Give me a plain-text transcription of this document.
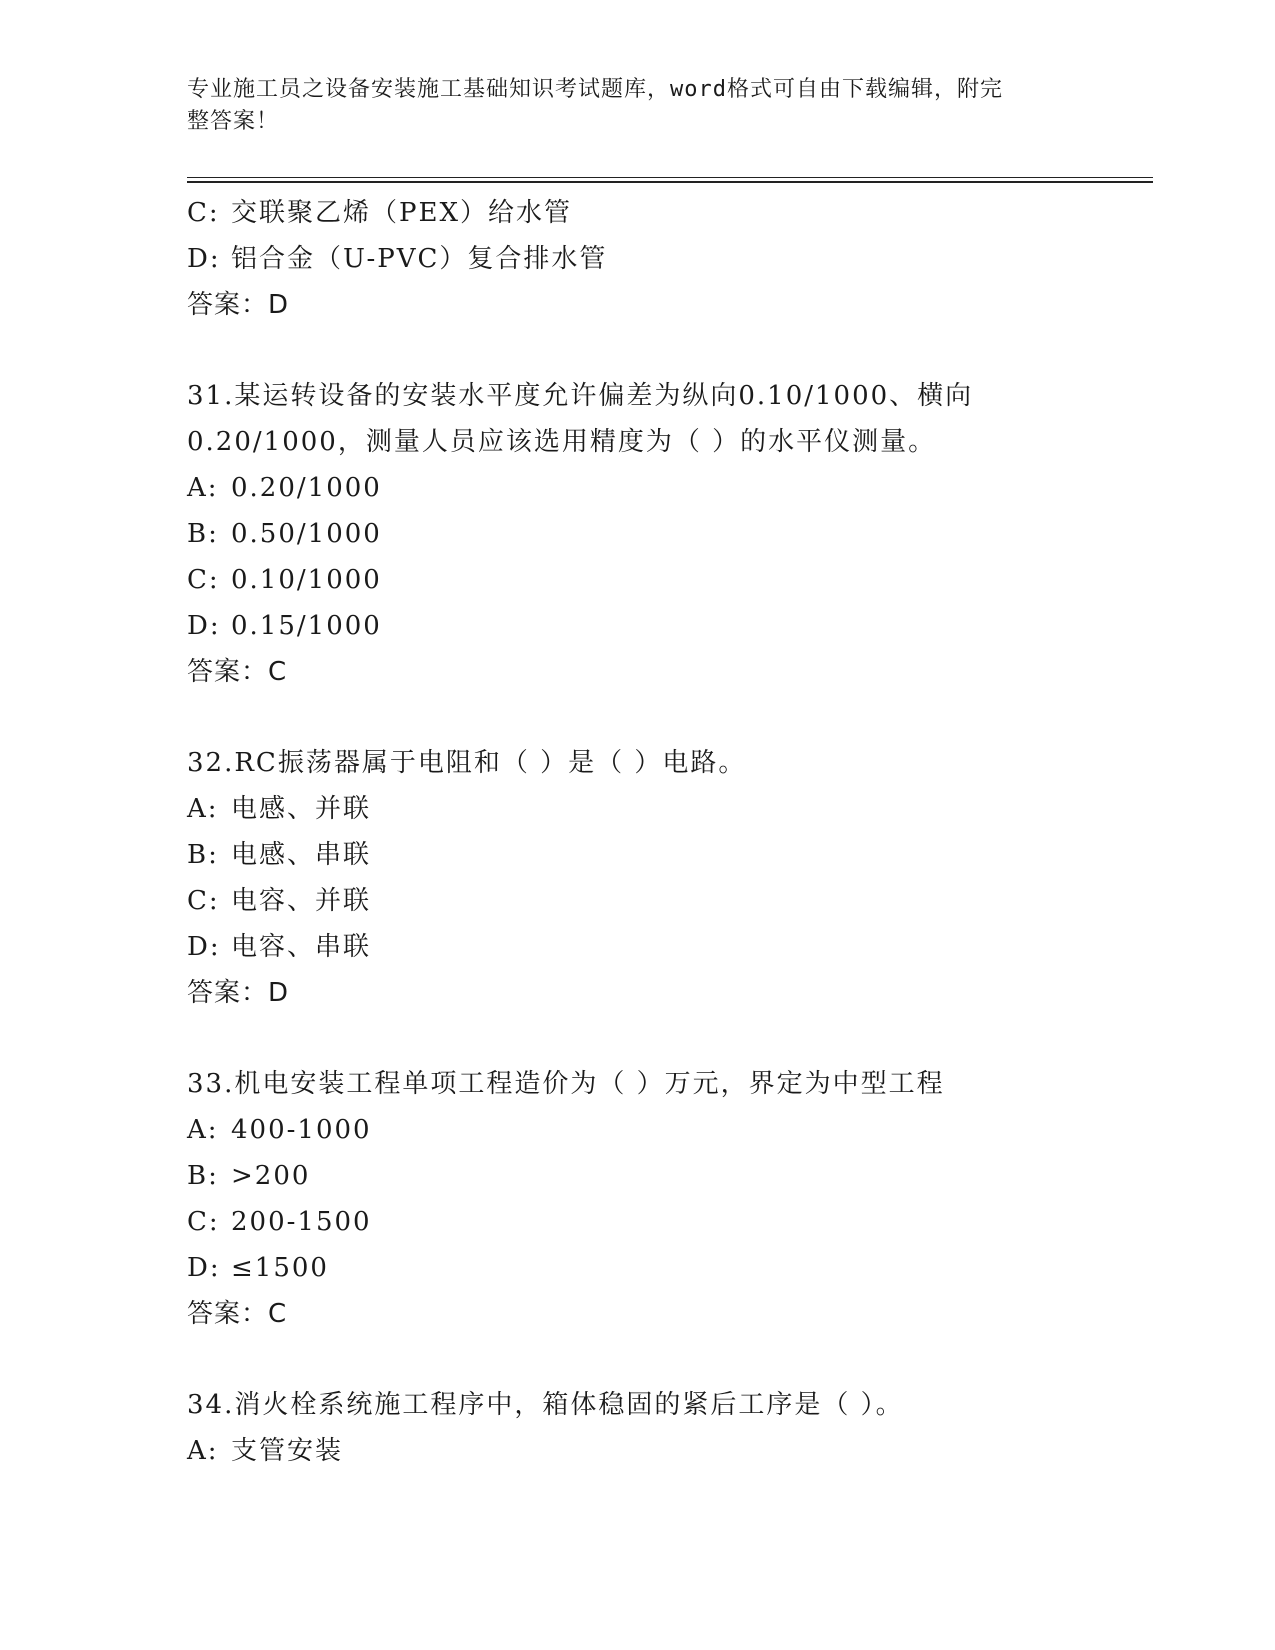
专业施工员之设备安装施工基础知识考试题库，word格式可自由下载编辑，附完
整答案！
C: 交联聚乙烯（PEX）给水管
D: 铝合金（U-PVC）复合排水管
答案：D
31.某运转设备的安装水平度允许偏差为纵向0.10/1000、横向
0.20/1000，测量人员应该选用精度为（ ）的水平仪测量。
A: 0.20/1000
B: 0.50/1000
C: 0.10/1000
D: 0.15/1000
答案：C
32.RC振荡器属于电阻和（ ）是（ ）电路。
A: 电感、并联
B: 电感、串联
C: 电容、并联
D: 电容、串联
答案：D
33.机电安装工程单项工程造价为（ ）万元，界定为中型工程
A: 400-1000
B: >200
C: 200-1500
D: ≤1500
答案：C
34.消火栓系统施工程序中，箱体稳固的紧后工序是（ ）。
A: 支管安装
